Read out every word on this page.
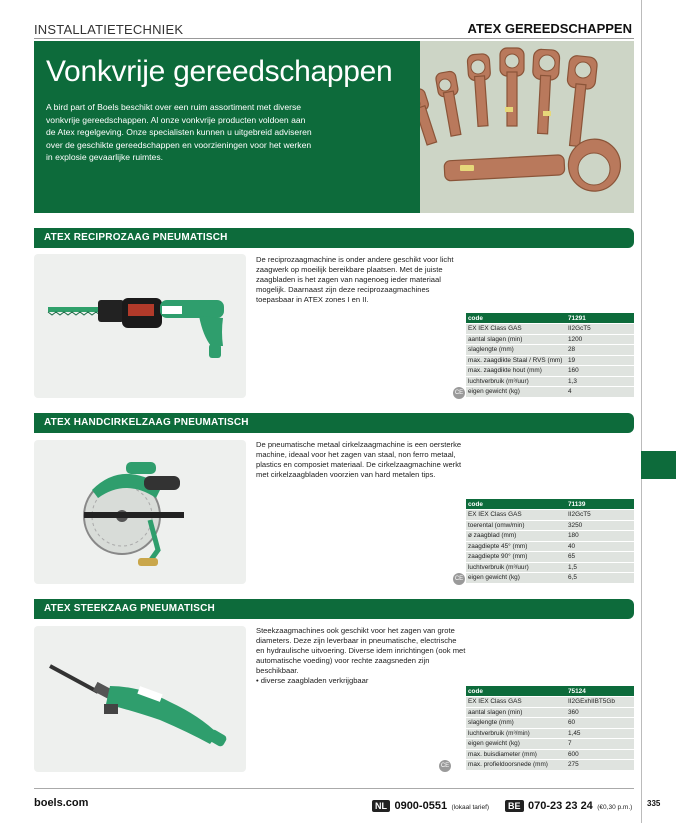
INSTALLATIETECHNIEK	ATEX GEREEDSCHAPPEN
Vonkvrije gereedschappen
A bird part of Boels beschikt over een ruim assortiment met diverse vonkvrije gereedschappen. Al onze vonkvrije producten voldoen aan de Atex regelgeving. Onze specialisten kunnen u uitgebreid adviseren over de geschikte gereedschappen en voorzieningen voor het werken in explosie gevaarlijke ruimtes.
ATEX RECIPROZAAG PNEUMATISCH
De reciprozaagmachine is onder andere geschikt voor licht zaagwerk op moeilijk bereikbare plaatsen. Met de juiste zaagbladen is het zagen van nagenoeg ieder materiaal mogelijk. Daarnaast zijn deze reciprozaagmachines toepasbaar in ATEX zones I en II.
code	71291
EX IEX Class GAS	II2GcT5
aantal slagen (min)	1200
slaglengte (mm)	28
max. zaagdikte Staal / RVS (mm)	19
max. zaagdikte hout (mm)	160
luchtverbruik (m³/uur)	1,3
eigen gewicht (kg)	4
CE
ATEX HANDCIRKELZAAG PNEUMATISCH
De pneumatische metaal cirkelzaagmachine is een oersterke machine, ideaal voor het zagen van staal, non ferro metaal, plastics en composiet materiaal. De cirkelzaagmachine werkt met cirkelzaagbladen voorzien van hard metalen tips.
code	71139
EX IEX Class GAS	II2GcT5
toerental (omw/min)	3250
ø zaagblad (mm)	180
zaagdiepte 45° (mm)	40
zaagdiepte 90° (mm)	65
luchtverbruik (m³/uur)	1,5
eigen gewicht (kg)	6,5
CE
ATEX STEEKZAAG PNEUMATISCH
Steekzaagmachines ook geschikt voor het zagen van grote diameters. Deze zijn leverbaar in pneumatische, electrische en hydraulische uitvoering. Diverse idem inrichtingen (ook met automatische voeding) voor rechte zaagsneden zijn beschikbaar.
• diverse zaagbladen verkrijgbaar
code	75124
EX IEX Class GAS	II2GExhIIBT5Gb
aantal slagen (min)	360
slaglengte (mm)	60
luchtverbruik (m³/min)	1,45
eigen gewicht (kg)	7
max. buisdiameter (mm)	600
max. profieldoorsnede (mm)	275
CE
boels.com	NL 0900-0551 (lokaal tarief)	BE 070-23 23 24 (€0,30 p.m.) 335
